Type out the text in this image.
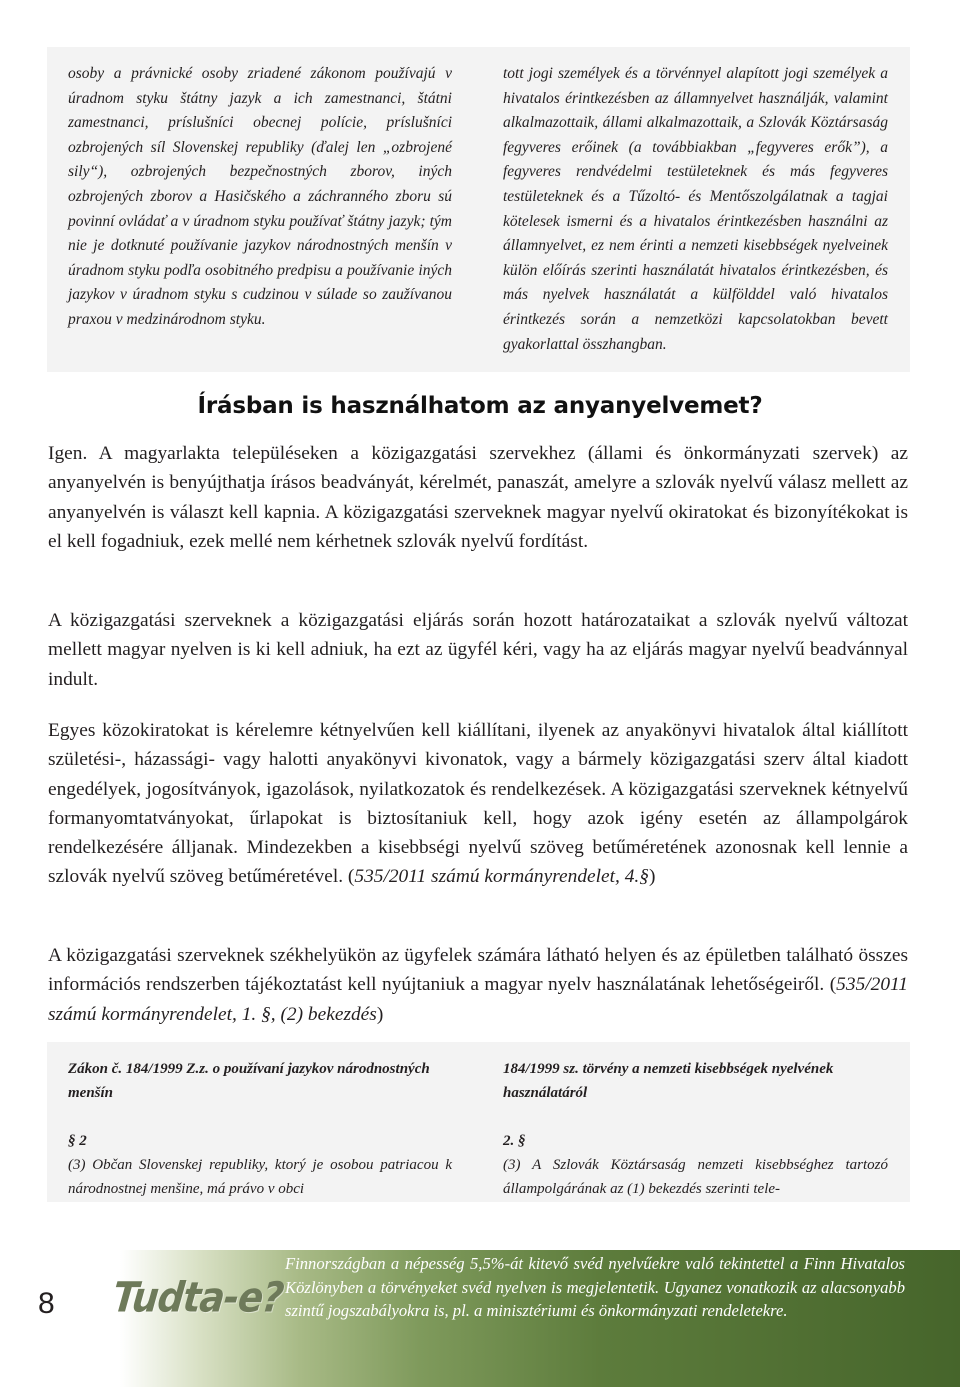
osoby a právnické osoby zriadené zákonom používajú v úradnom styku štátny jazyk a ich zamestnanci, štátni zamestnanci, príslušníci obecnej polície, príslušníci ozbrojených síl Slovenskej republiky (ďalej len „ozbrojené sily“), ozbrojených bezpečnostných zborov, iných ozbrojených zborov a Hasičského a záchranného zboru sú povinní ovládať a v úradnom styku používať štátny jazyk; tým nie je dotknuté používanie jazykov národnostných menšín v úradnom styku podľa osobitného predpisu a používanie iných jazykov v úradnom styku s cudzinou v súlade so zaužívanou praxou v medzinárodnom styku.

tott jogi személyek és a törvénnyel alapított jogi személyek a hivatalos érintkezésben az államnyelvet használják, valamint alkalmazottaik, állami alkalmazottaik, a Szlovák Köztársaság fegyveres erőinek (a továbbiakban „fegyveres erők”), a fegyveres rendvédelmi testületeknek és más fegyveres testületeknek és a Tűzoltó- és Mentőszolgálatnak a tagjai kötelesek ismerni és a hivatalos érintkezésben használni az államnyelvet, ez nem érinti a nemzeti kisebbségek nyelveinek külön előírás szerinti használatát hivatalos érintkezésben, és más nyelvek használatát a külfölddel való hivatalos érintkezés során a nemzetközi kapcsolatokban bevett gyakorlattal összhangban.

Írásban is használhatom az anyanyelvemet?

Igen. A magyarlakta településeken a közigazgatási szervekhez (állami és önkormányzati szervek) az anyanyelvén is benyújthatja írásos beadványát, kérelmét, panaszát, amelyre a szlovák nyelvű válasz mellett az anyanyelvén is választ kell kapnia. A közigazgatási szerveknek magyar nyelvű okiratokat és bizonyítékokat is el kell fogadniuk, ezek mellé nem kérhetnek szlovák nyelvű fordítást.

A közigazgatási szerveknek a közigazgatási eljárás során hozott határozataikat a szlovák nyelvű változat mellett magyar nyelven is ki kell adniuk, ha ezt az ügyfél kéri, vagy ha az eljárás magyar nyelvű beadvánnyal indult.

Egyes közokiratokat is kérelemre kétnyelvűen kell kiállítani, ilyenek az anyakönyvi hivatalok által kiállított születési-, házassági- vagy halotti anyakönyvi kivonatok, vagy a bármely közigazgatási szerv által kiadott engedélyek, jogosítványok, igazolások, nyilatkozatok és rendelkezések. A közigazgatási szerveknek kétnyelvű formanyomtatványokat, űrlapokat is biztosítaniuk kell, hogy azok igény esetén az állampolgárok rendelkezésére álljanak. Mindezekben a kisebbségi nyelvű szöveg betűméretének azonosnak kell lennie a szlovák nyelvű szöveg betűméretével. (535/2011 számú kormányrendelet, 4.§)

A közigazgatási szerveknek székhelyükön az ügyfelek számára látható helyen és az épületben található összes információs rendszerben tájékoztatást kell nyújtaniuk a magyar nyelv használatának lehetőségeiről. (535/2011 számú kormányrendelet, 1. §, (2) bekezdés)

Zákon č. 184/1999 Z.z. o používaní jazykov národnostných menšín
§ 2
(3) Občan Slovenskej republiky, ktorý je osobou patriacou k národnostnej menšine, má právo v obci
184/1999 sz. törvény a nemzeti kisebbségek nyelvének használatáról
2. §
(3) A Szlovák Köztársaság nemzeti kisebbséghez tartozó állampolgárának az (1) bekezdés szerinti tele-
8 Tudta-e?

Finnországban a népesség 5,5%-át kitevő svéd nyelvűekre való tekintettel a Finn Hivatalos Közlönyben a törvényeket svéd nyelven is megjelentetik. Ugyanez vonatkozik az alacsonyabb szintű jogszabályokra is, pl. a minisztériumi és önkormányzati rendeletekre.
